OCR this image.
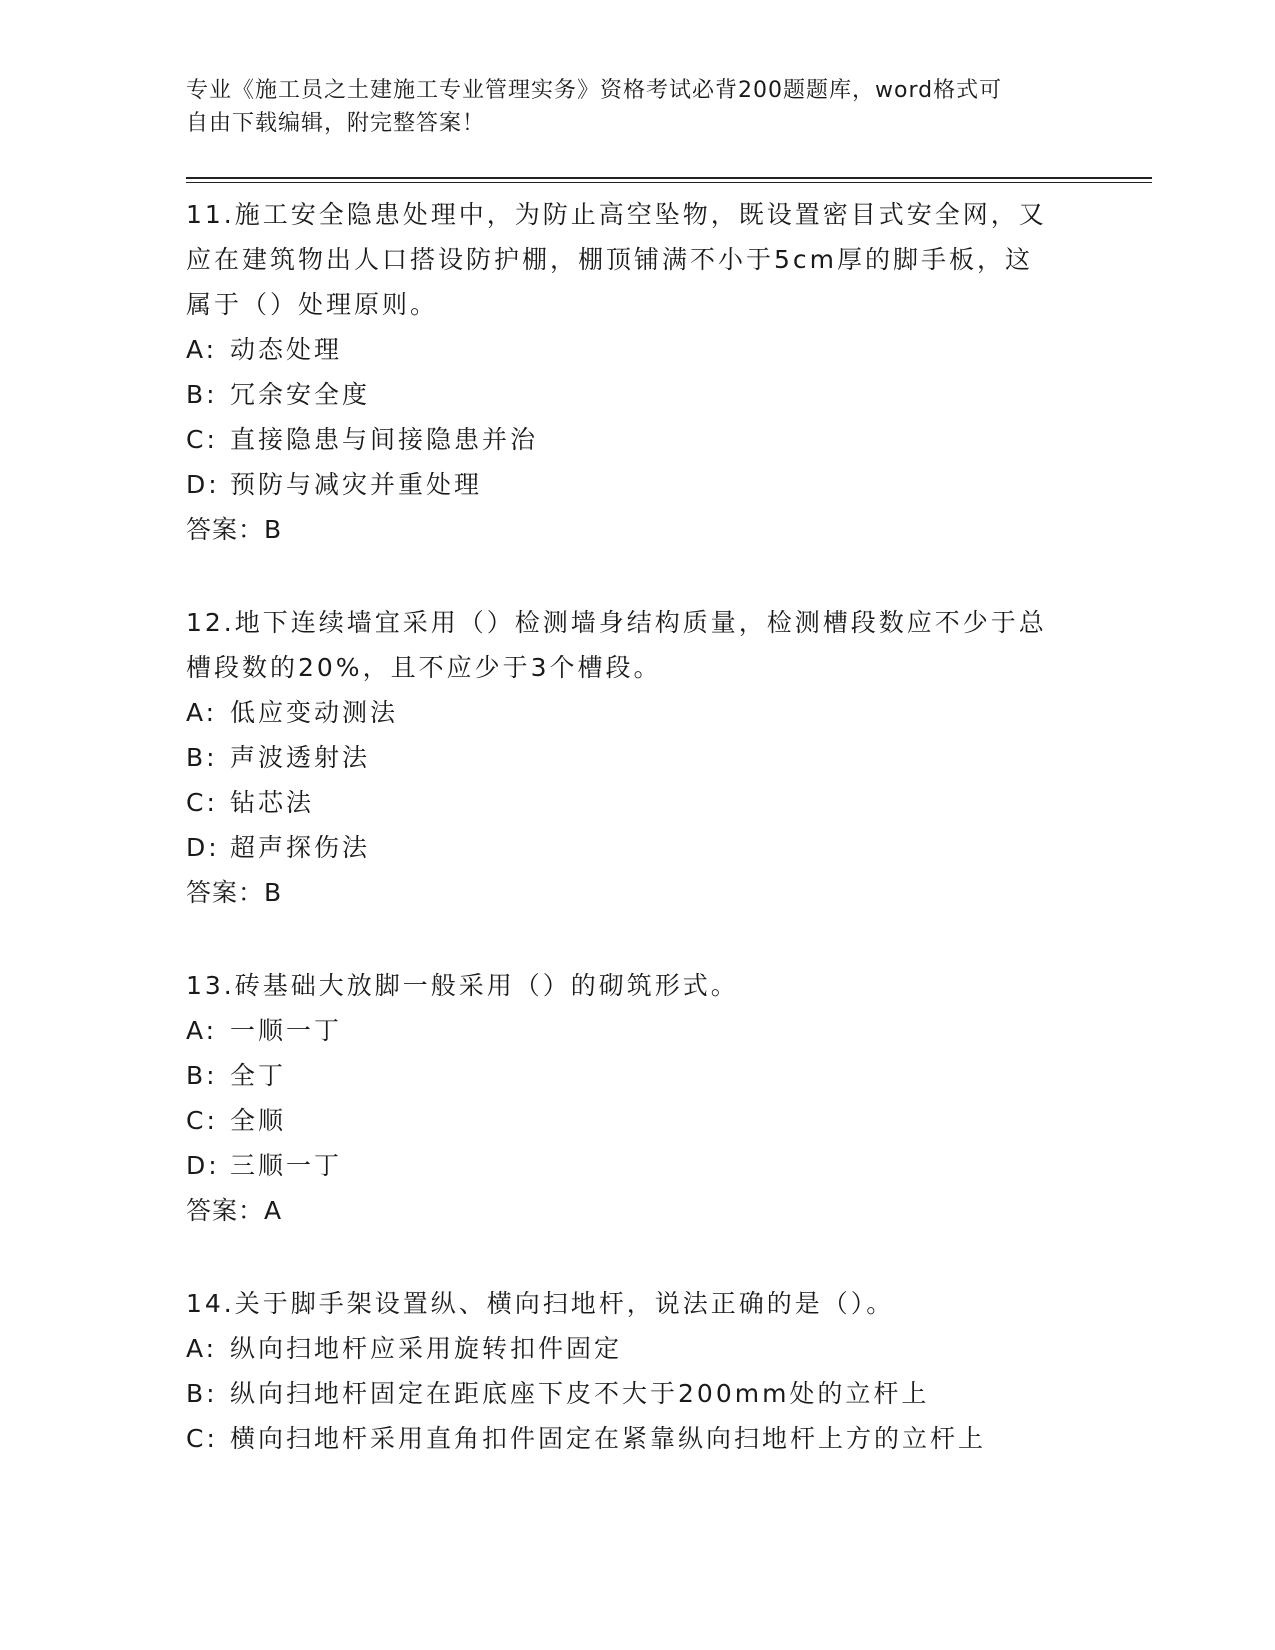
专业《施工员之土建施工专业管理实务》资格考试必背200题题库，word格式可
自由下载编辑，附完整答案！
11.施工安全隐患处理中，为防止高空坠物，既设置密目式安全网，又
应在建筑物出人口搭设防护棚，棚顶铺满不小于5cm厚的脚手板，这
属于（）处理原则。
A: 动态处理
B: 冗余安全度
C: 直接隐患与间接隐患并治
D: 预防与减灾并重处理
答案：B
12.地下连续墙宜采用（）检测墙身结构质量，检测槽段数应不少于总
槽段数的20%，且不应少于3个槽段。
A: 低应变动测法
B: 声波透射法
C: 钻芯法
D: 超声探伤法
答案：B
13.砖基础大放脚一般采用（）的砌筑形式。
A: 一顺一丁
B: 全丁
C: 全顺
D: 三顺一丁
答案：A
14.关于脚手架设置纵、横向扫地杆，说法正确的是（）。
A: 纵向扫地杆应采用旋转扣件固定
B: 纵向扫地杆固定在距底座下皮不大于200mm处的立杆上
C: 横向扫地杆采用直角扣件固定在紧靠纵向扫地杆上方的立杆上
